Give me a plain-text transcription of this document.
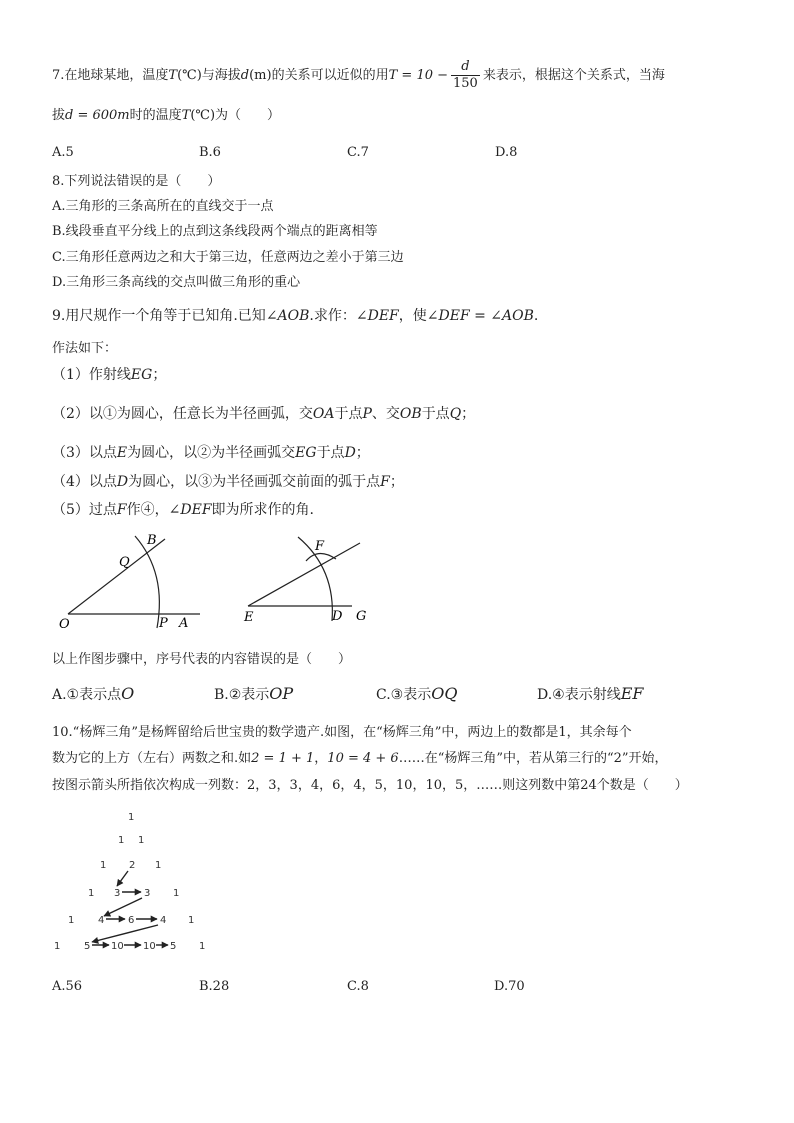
7.在地球某地，温度T(℃)与海拔d(m)的关系可以近似的用$T = 10 - \frac{d}{150}$ 来表示，根据这个关系式，当海
拔d = 600m时的温度T(℃)为（　　）
A.5	B.6	C.7	D.8
8.下列说法错误的是（　　）
A.三角形的三条高所在的直线交于一点
B.线段垂直平分线上的点到这条线段两个端点的距离相等
C.三角形任意两边之和大于第三边，任意两边之差小于第三边
D.三角形三条高线的交点叫做三角形的重心
9.用尺规作一个角等于已知角.已知∠AOB.求作：∠DEF，使∠DEF = ∠AOB.
作法如下：
（1）作射线EG；
（2）以①为圆心，任意长为半径画弧，交OA于点P、交OB于点Q；
（3）以点E为圆心，以②为半径画弧交EG于点D；
（4）以点D为圆心，以③为半径画弧交前面的弧于点F；
（5）过点F作④，∠DEF即为所求作的角.
B
Q
O	P A
F
E	D G
以上作图步骤中，序号代表的内容错误的是（　　）
A.①表示点O	B.②表示OP	C.③表示OQ	D.④表示射线EF
10.“杨辉三角”是杨辉留给后世宝贵的数学遗产.如图，在“杨辉三角”中，两边上的数都是1，其余每个
数为它的上方（左右）两数之和.如2 = 1 + 1，10 = 4 + 6……在“杨辉三角”中，若从第三行的“2”开始，
按图示箭头所指依次构成一列数：2，3，3，4，6，4，5，10，10，5，……则这列数中第24个数是（　　）
1
1 1
1 2 1
1 3 3 1
1 4 6	4 1
1 5 10 10 5 1
A.56	B.28	C.8	D.70
